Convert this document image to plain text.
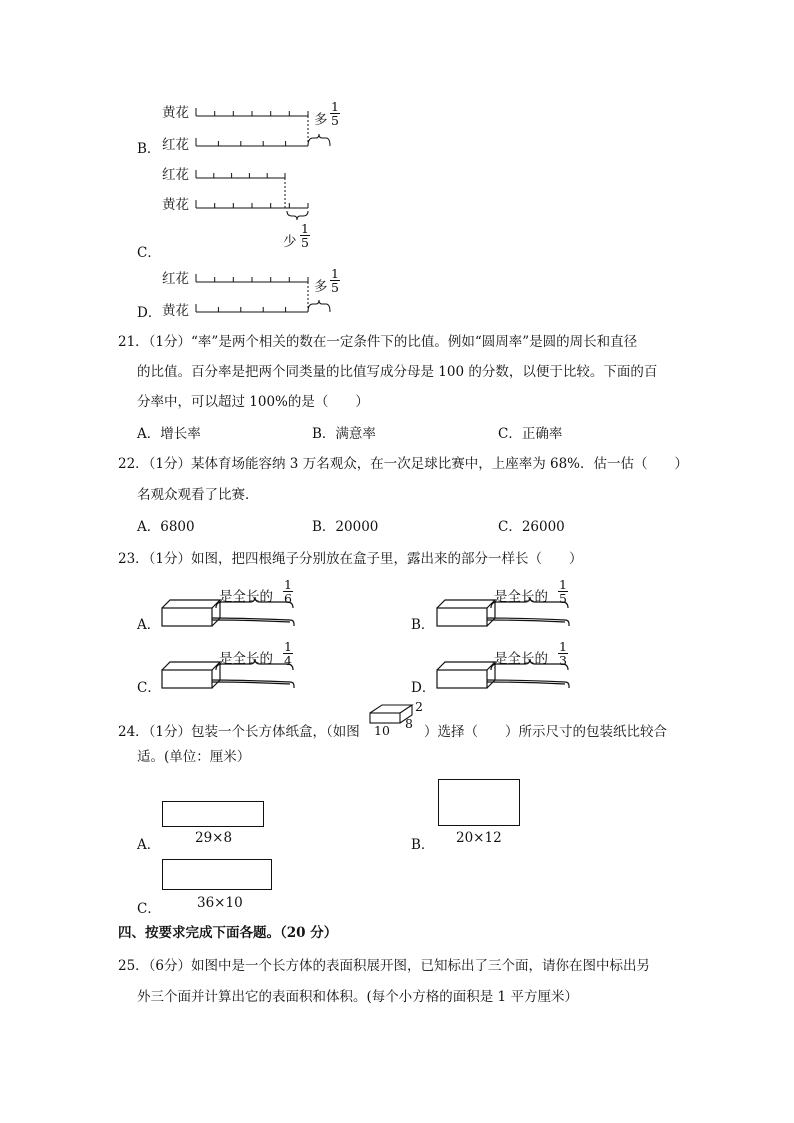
黄花
红花
B．
多 $\frac{1}{5}$
红花
黄花
C．
少 $\frac{1}{5}$
红花
黄花
D．
多 $\frac{1}{5}$
21．（1分）“率”是两个相关的数在一定条件下的比值。例如“圆周率”是圆的周长和直径
的比值。百分率是把两个同类量的比值写成分母是 100 的分数，以便于比较。下面的百
分率中，可以超过 100%的是（　　）
A．增长率	B．满意率	C．正确率
22．（1分）某体育场能容纳 3 万名观众，在一次足球比赛中，上座率为 68%．估一估（　　）
名观众观看了比赛．
A．6800	B．20000	C．26000
23．（1分）如图，把四根绳子分别放在盒子里，露出来的部分一样长（　　）
A．
是全长的 $\frac{1}{6}$
B．
是全长的 $\frac{1}{5}$
C．
是全长的 $\frac{1}{4}$
D．
是全长的 $\frac{1}{3}$
24．（1分）包装一个长方体纸盒，（如图 10 8
2
）选择（　　）所示尺寸的包装纸比较合
适。(单位：厘米）
A．	29×8	B． 20×12
C．	36×10
四、按要求完成下面各题。（20 分）
25．（6分）如图中是一个长方体的表面积展开图，已知标出了三个面，请你在图中标出另
外三个面并计算出它的表面积和体积。(每个小方格的面积是 1 平方厘米）
